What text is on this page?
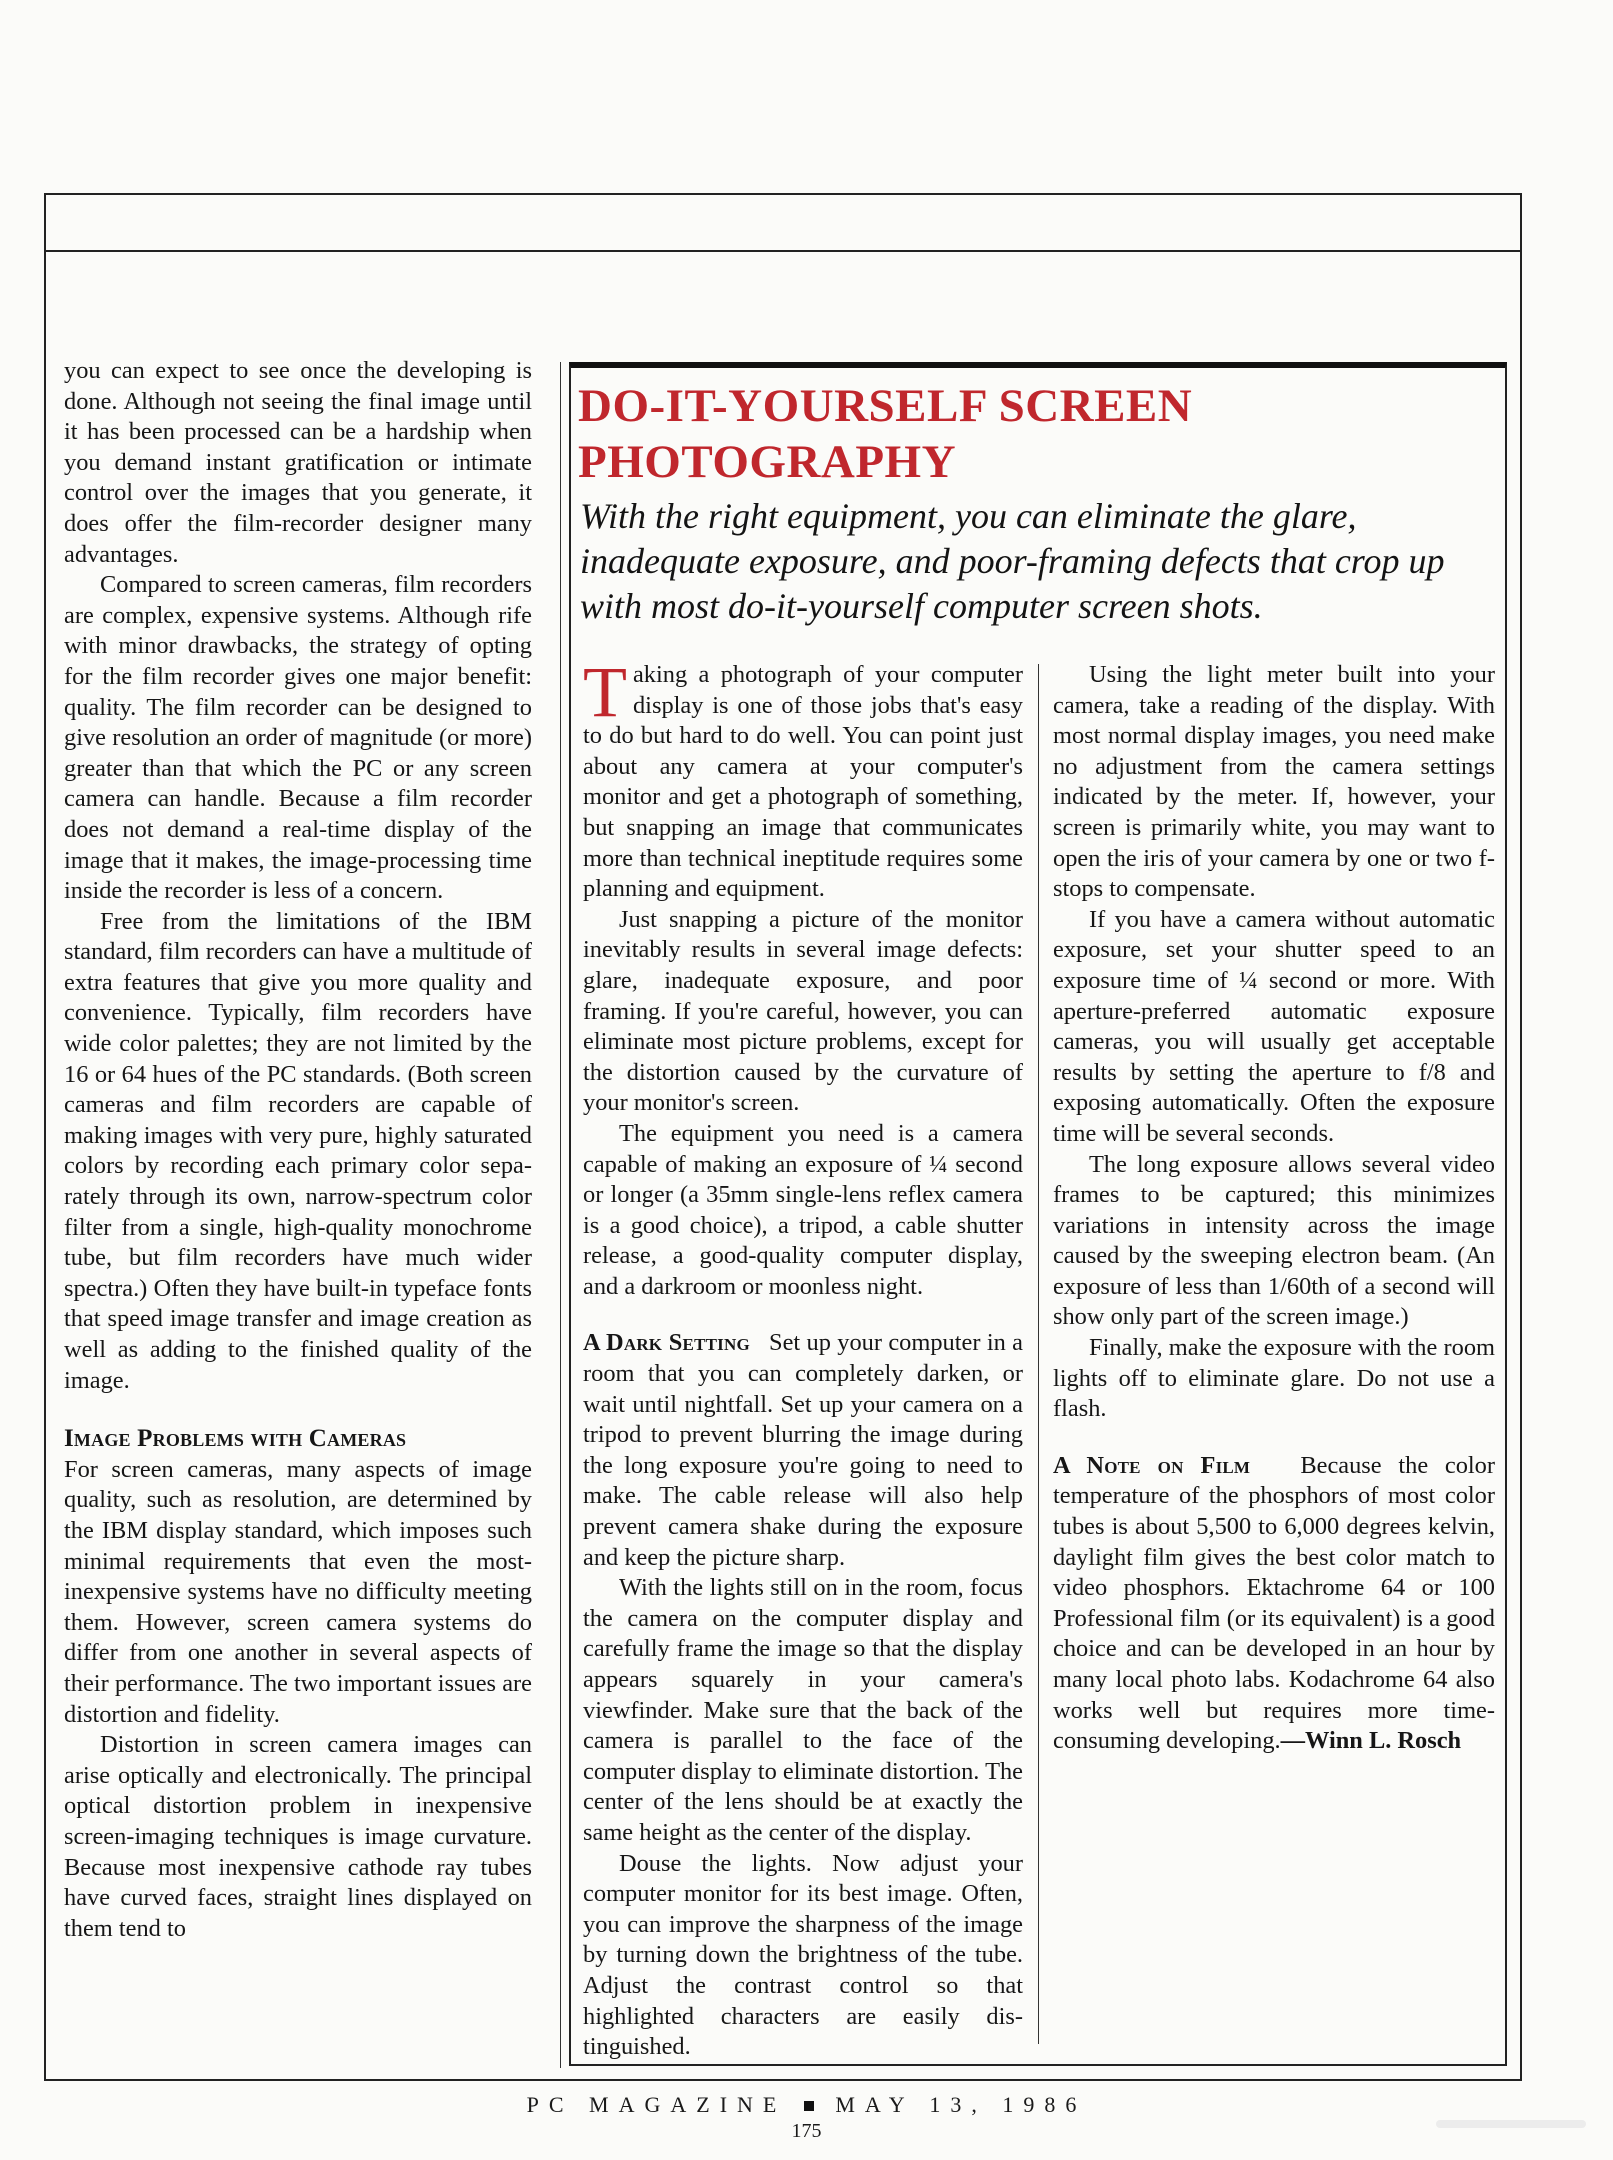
you can expect to see once the developing is done. Although not seeing the final image until it has been processed can be a hardship when you demand instant gratification or intimate control over the images that you generate, it does offer the film-recorder designer many advantages.

Compared to screen cameras, film recorders are complex, expensive systems. Although rife with minor drawbacks, the strategy of opting for the film recorder gives one major benefit: quality. The film recorder can be designed to give resolution an order of magnitude (or more) greater than that which the PC or any screen camera can handle. Because a film recorder does not demand a real-time display of the image that it makes, the image-processing time inside the recorder is less of a concern.

Free from the limitations of the IBM standard, film recorders can have a multitude of extra features that give you more quality and convenience. Typically, film recorders have wide color palettes; they are not limited by the 16 or 64 hues of the PC standards. (Both screen cameras and film recorders are capable of making images with very pure, highly saturated colors by recording each primary color separately through its own, narrow-spectrum color filter from a single, high-quality monochrome tube, but film recorders have much wider spectra.) Often they have built-in typeface fonts that speed image transfer and image creation as well as adding to the finished quality of the image.

Image Problems with Cameras

For screen cameras, many aspects of image quality, such as resolution, are determined by the IBM display standard, which imposes such minimal requirements that even the most-inexpensive systems have no difficulty meeting them. However, screen camera systems do differ from one another in several aspects of their performance. The two important issues are distortion and fidelity.

Distortion in screen camera images can arise optically and electronically. The principal optical distortion problem in inexpensive screen-imaging techniques is image curvature. Because most inexpensive cathode ray tubes have curved faces, straight lines displayed on them tend to

DO-IT-YOURSELF SCREEN PHOTOGRAPHY
With the right equipment, you can eliminate the glare, inadequate exposure, and poor-framing defects that crop up with most do-it-yourself computer screen shots.

Taking a photograph of your computer display is one of those jobs that's easy to do but hard to do well. You can point just about any camera at your computer's monitor and get a photograph of something, but snapping an image that communicates more than technical ineptitude requires some planning and equipment.

Just snapping a picture of the monitor inevitably results in several image defects: glare, inadequate exposure, and poor framing. If you're careful, however, you can eliminate most picture problems, except for the distortion caused by the curvature of your monitor's screen.

The equipment you need is a camera capable of making an exposure of ¼ second or longer (a 35mm single-lens reflex camera is a good choice), a tripod, a cable shutter release, a good-quality computer display, and a darkroom or moonless night.

A Dark Setting Set up your computer in a room that you can completely darken, or wait until nightfall. Set up your camera on a tripod to prevent blurring the image during the long exposure you're going to need to make. The cable release will also help prevent camera shake during the exposure and keep the picture sharp.

With the lights still on in the room, focus the camera on the computer display and carefully frame the image so that the display appears squarely in your camera's viewfinder. Make sure that the back of the camera is parallel to the face of the computer display to eliminate distortion. The center of the lens should be at exactly the same height as the center of the display.

Douse the lights. Now adjust your computer monitor for its best image. Often, you can improve the sharpness of the image by turning down the brightness of the tube. Adjust the contrast control so that highlighted characters are easily distinguished.

Using the light meter built into your camera, take a reading of the display. With most normal display images, you need make no adjustment from the camera settings indicated by the meter. If, however, your screen is primarily white, you may want to open the iris of your camera by one or two f-stops to compensate.

If you have a camera without automatic exposure, set your shutter speed to an exposure time of ¼ second or more. With aperture-preferred automatic exposure cameras, you will usually get acceptable results by setting the aperture to f/8 and exposing automatically. Often the exposure time will be several seconds.

The long exposure allows several video frames to be captured; this minimizes variations in intensity across the image caused by the sweeping electron beam. (An exposure of less than 1/60th of a second will show only part of the screen image.)

Finally, make the exposure with the room lights off to eliminate glare. Do not use a flash.

A Note on Film Because the color temperature of the phosphors of most color tubes is about 5,500 to 6,000 degrees kelvin, daylight film gives the best color match to video phosphors. Ektachrome 64 or 100 Professional film (or its equivalent) is a good choice and can be developed in an hour by many local photo labs. Kodachrome 64 also works well but requires more time-consuming developing.—Winn L. Rosch

PC MAGAZINE MAY 13, 1986
175
